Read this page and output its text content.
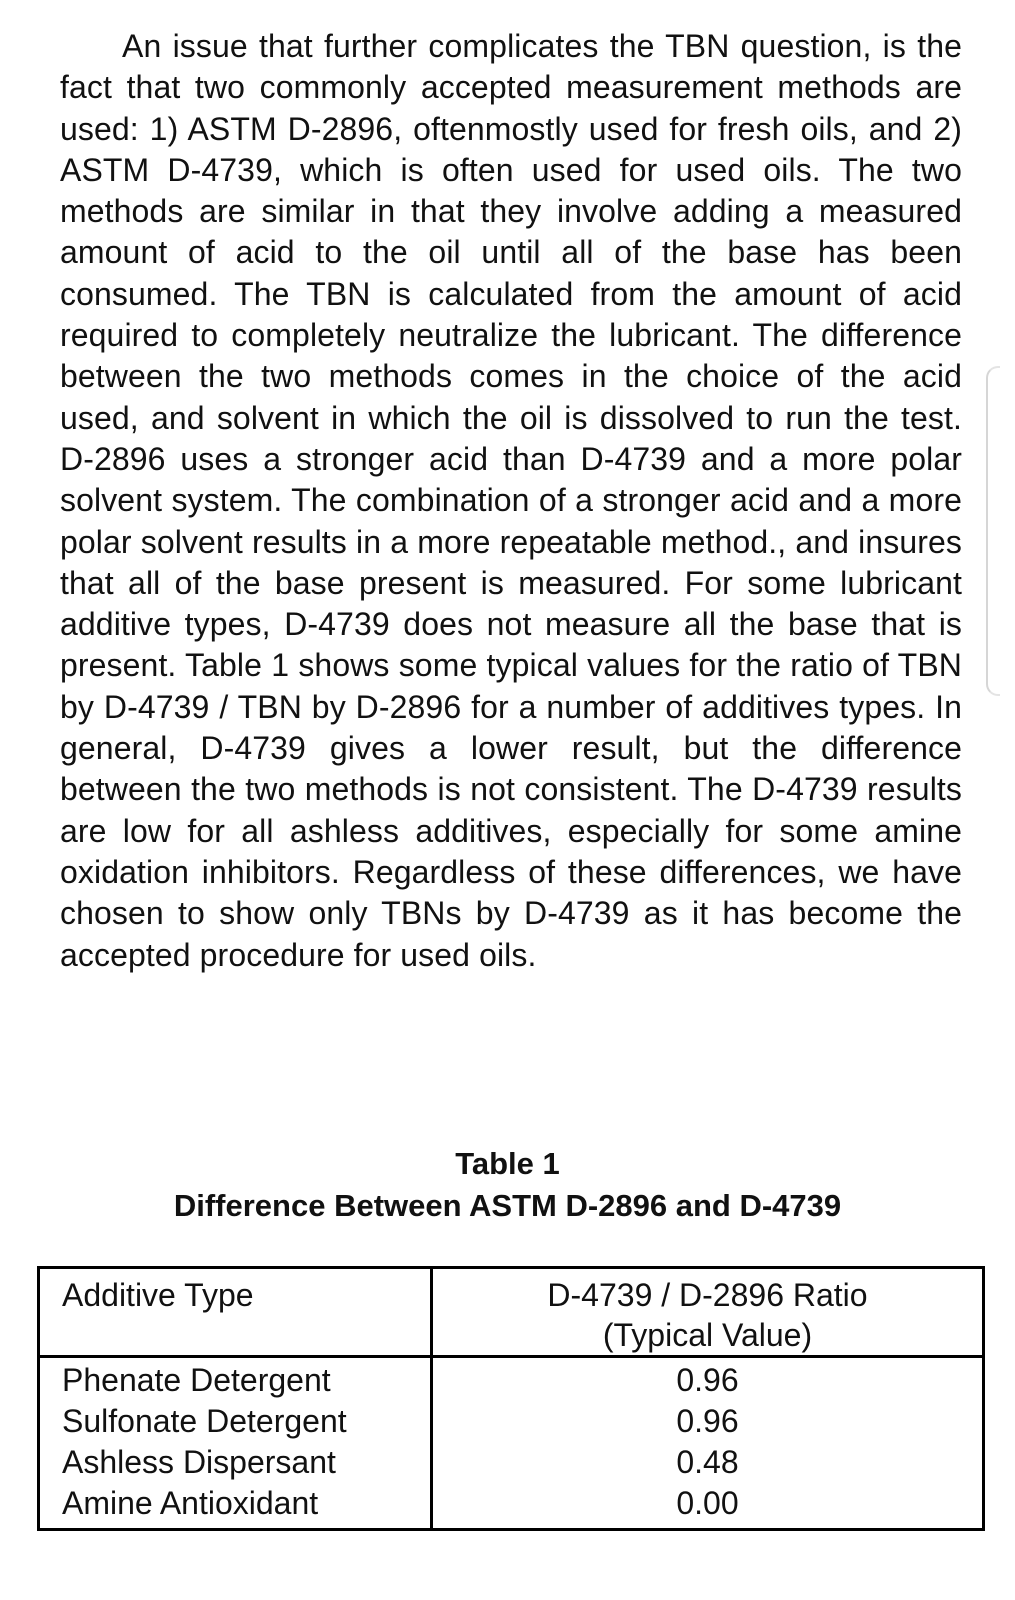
An issue that further complicates the TBN question, is the fact that two commonly accepted measurement methods are used: 1) ASTM D-2896, oftenmostly used for fresh oils, and 2) ASTM D-4739, which is often used for used oils. The two methods are similar in that they involve adding a measured amount of acid to the oil until all of the base has been consumed. The TBN is calculated from the amount of acid required to completely neutralize the lubricant. The difference between the two methods comes in the choice of the acid used, and solvent in which the oil is dissolved to run the test. D-2896 uses a stronger acid than D-4739 and a more polar solvent system. The combination of a stronger acid and a more polar solvent results in a more repeatable method., and insures that all of the base present is measured. For some lubricant additive types, D-4739 does not measure all the base that is present. Table 1 shows some typical values for the ratio of TBN by D-4739 / TBN by D-2896 for a number of additives types. In general, D-4739 gives a lower result, but the difference between the two methods is not consistent. The D-4739 results are low for all ashless additives, especially for some amine oxidation inhibitors. Regardless of these differences, we have chosen to show only TBNs by D-4739 as it has become the accepted procedure for used oils.

Table 1
Difference Between ASTM D-2896 and D-4739
Additive Type	D-4739 / D-2896 Ratio
(Typical Value)

Phenate Detergent	0.96
Sulfonate Detergent	0.96
Ashless Dispersant	0.48
Amine Antioxidant	0.00
